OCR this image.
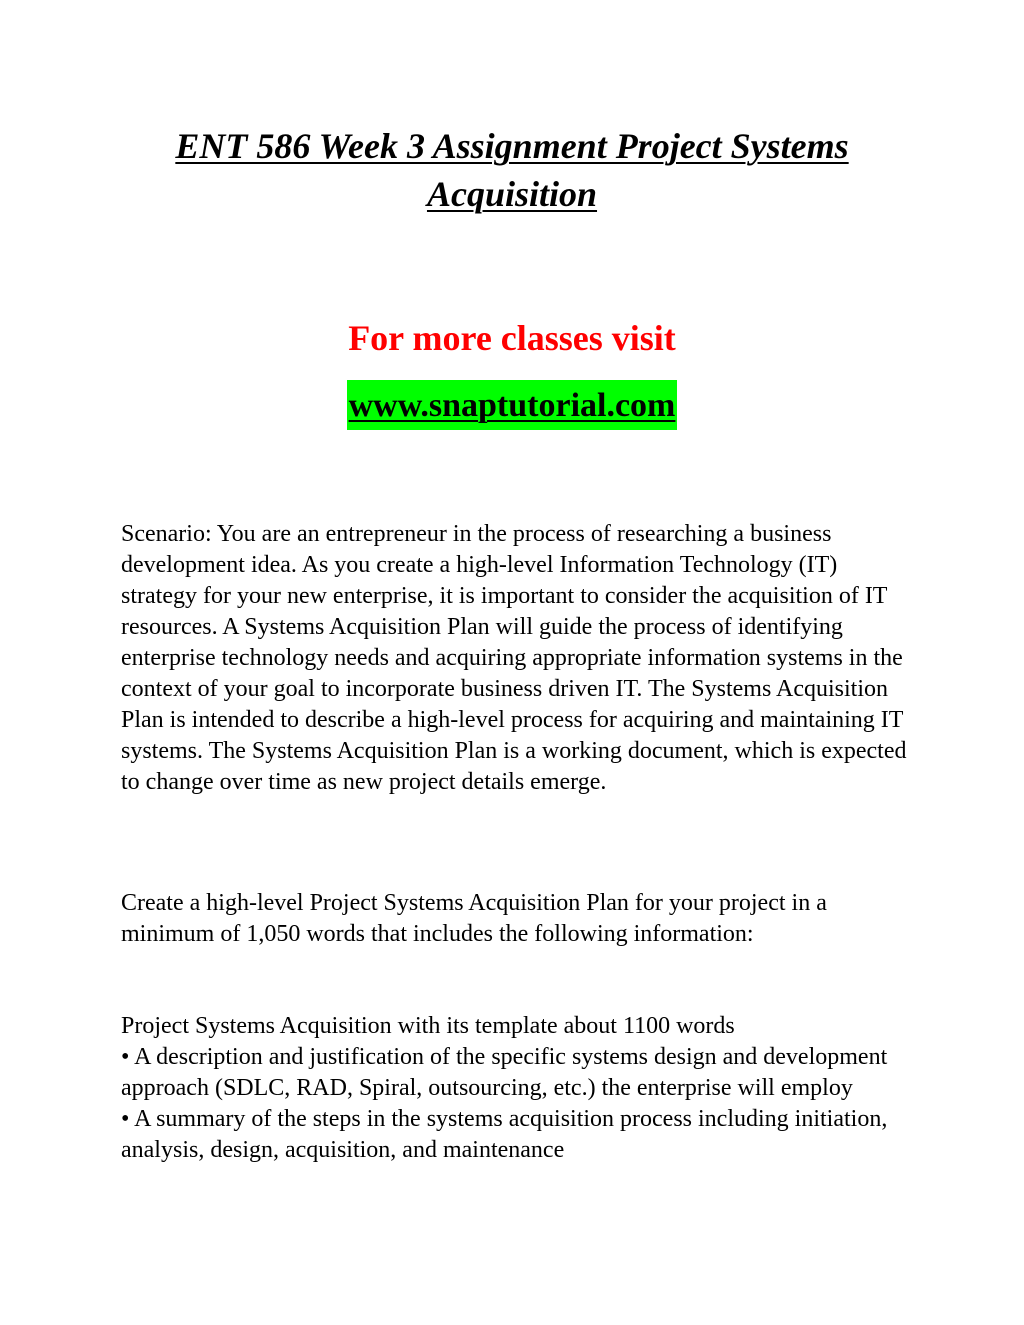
ENT 586 Week 3 Assignment Project Systems
Acquisition

For more classes visit

www.snaptutorial.com

Scenario: You are an entrepreneur in the process of researching a business development idea. As you create a high-level Information Technology (IT) strategy for your new enterprise, it is important to consider the acquisition of IT resources. A Systems Acquisition Plan will guide the process of identifying enterprise technology needs and acquiring appropriate information systems in the context of your goal to incorporate business driven IT. The Systems Acquisition Plan is intended to describe a high-level process for acquiring and maintaining IT systems. The Systems Acquisition Plan is a working document, which is expected to change over time as new project details emerge.

Create a high-level Project Systems Acquisition Plan for your project in a minimum of 1,050 words that includes the following information:

Project Systems Acquisition with its template about 1100 words
• A description and justification of the specific systems design and development approach (SDLC, RAD, Spiral, outsourcing, etc.) the enterprise will employ
• A summary of the steps in the systems acquisition process including initiation, analysis, design, acquisition, and maintenance
